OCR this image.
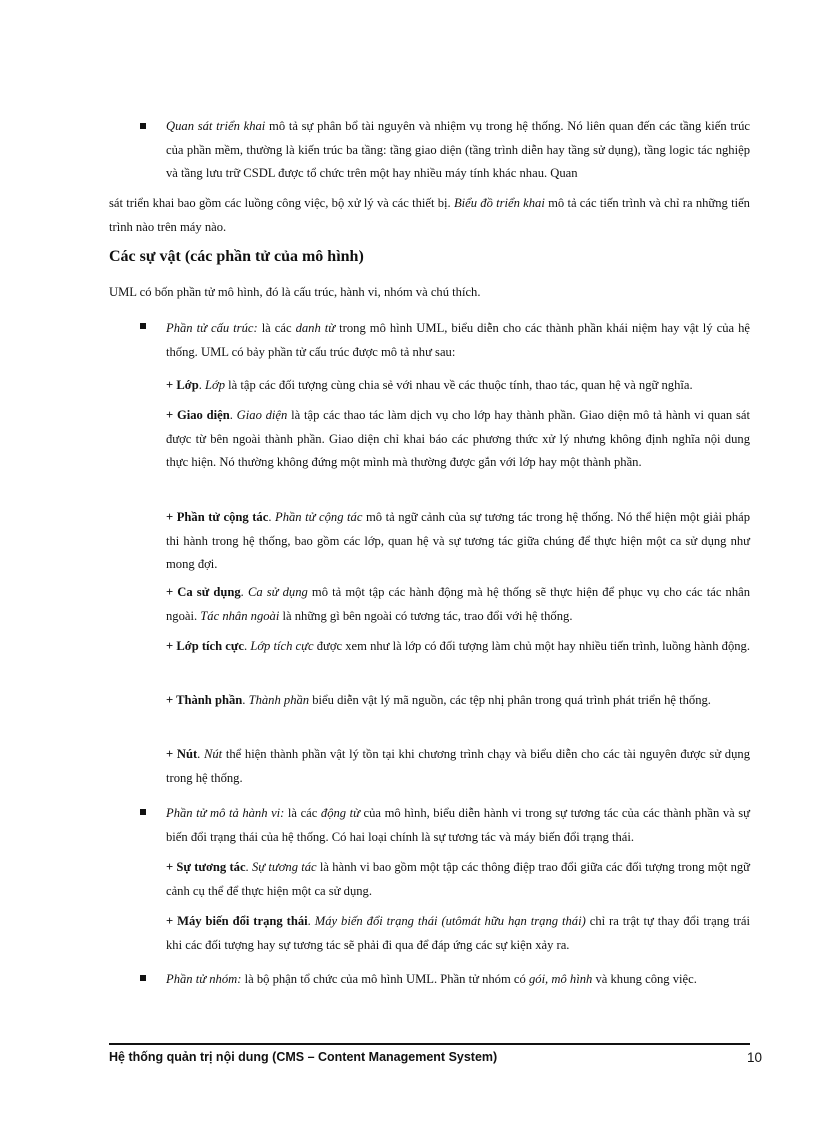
Quan sát triển khai mô tả sự phân bổ tài nguyên và nhiệm vụ trong hệ thống. Nó liên quan đến các tầng kiến trúc của phần mềm, thường là kiến trúc ba tầng: tầng giao diện (tầng trình diễn hay tầng sử dụng), tầng logic tác nghiệp và tầng lưu trữ CSDL được tổ chức trên một hay nhiều máy tính khác nhau. Quan
sát triển khai bao gồm các luồng công việc, bộ xử lý và các thiết bị. Biểu đồ triển khai mô tả các tiến trình và chỉ ra những tiến trình nào trên máy nào.
Các sự vật (các phần tử của mô hình)
UML có bốn phần tử mô hình, đó là cấu trúc, hành vi, nhóm và chú thích.
Phần tử cấu trúc: là các danh từ trong mô hình UML, biểu diễn cho các thành phần khái niệm hay vật lý của hệ thống. UML có bảy phần tử cấu trúc được mô tả như sau:
+ Lớp. Lớp là tập các đối tượng cùng chia sẻ với nhau về các thuộc tính, thao tác, quan hệ và ngữ nghĩa.
+ Giao diện. Giao diện là tập các thao tác làm dịch vụ cho lớp hay thành phần. Giao diện mô tả hành vi quan sát được từ bên ngoài thành phần. Giao diện chỉ khai báo các phương thức xử lý nhưng không định nghĩa nội dung thực hiện. Nó thường không đứng một mình mà thường được gắn với lớp hay một thành phần.
+ Phần tử cộng tác. Phần tử cộng tác mô tả ngữ cảnh của sự tương tác trong hệ thống. Nó thể hiện một giải pháp thi hành trong hệ thống, bao gồm các lớp, quan hệ và sự tương tác giữa chúng để thực hiện một ca sử dụng như mong đợi.
+ Ca sử dụng. Ca sử dụng mô tả một tập các hành động mà hệ thống sẽ thực hiện để phục vụ cho các tác nhân ngoài. Tác nhân ngoài là những gì bên ngoài có tương tác, trao đổi với hệ thống.
+ Lớp tích cực. Lớp tích cực được xem như là lớp có đối tượng làm chủ một hay nhiều tiến trình, luồng hành động.
+ Thành phần. Thành phần biểu diễn vật lý mã nguồn, các tệp nhị phân trong quá trình phát triển hệ thống.
+ Nút. Nút thể hiện thành phần vật lý tồn tại khi chương trình chạy và biểu diễn cho các tài nguyên được sử dụng trong hệ thống.
Phần tử mô tả hành vi: là các động từ của mô hình, biểu diễn hành vi trong sự tương tác của các thành phần và sự biến đổi trạng thái của hệ thống. Có hai loại chính là sự tương tác và máy biến đổi trạng thái.
+ Sự tương tác. Sự tương tác là hành vi bao gồm một tập các thông điệp trao đổi giữa các đối tượng trong một ngữ cảnh cụ thể để thực hiện một ca sử dụng.
+ Máy biến đổi trạng thái. Máy biến đổi trạng thái (utômát hữu hạn trạng thái) chỉ ra trật tự thay đổi trạng trái khi các đối tượng hay sự tương tác sẽ phải đi qua để đáp ứng các sự kiện xảy ra.
Phần tử nhóm: là bộ phận tổ chức của mô hình UML. Phần tử nhóm có gói, mô hình và khung công việc.
Hệ thống quản trị nội dung (CMS – Content Management System)	10
